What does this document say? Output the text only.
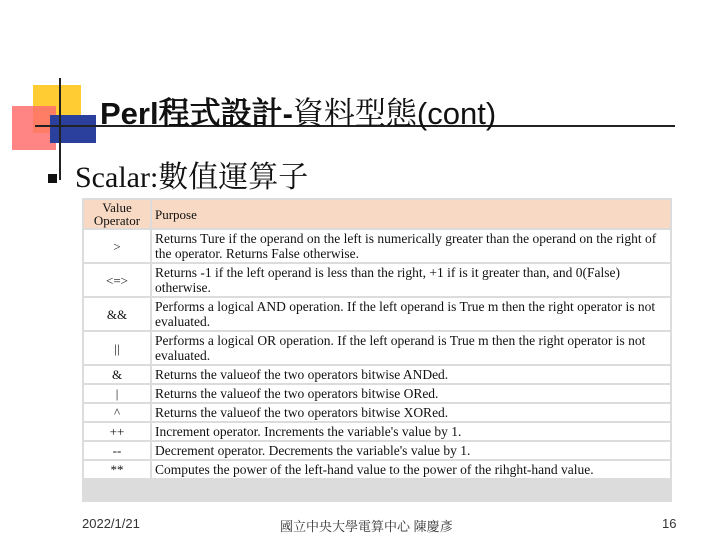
Perl程式設計-資料型態(cont)
Scalar:數值運算子
Value Operator	Purpose
>	Returns Ture if the operand on the left is numerically greater than the operand on the right of the operator. Returns False otherwise.
<=>	Returns -1 if the left operand is less than the right, +1 if is it greater than, and 0(False) otherwise.
&&	Performs a logical AND operation. If the left operand is True m then the right operator is not evaluated.
||	Performs a logical OR operation. If the left operand is True m then the right operator is not evaluated.
&	Returns the valueof the two operators bitwise ANDed.
|	Returns the valueof the two operators bitwise ORed.
^	Returns the valueof the two operators bitwise XORed.
++	Increment operator. Increments the variable's value by 1.
--	Decrement operator. Decrements the variable's value by 1.
**	Computes the power of the left-hand value to the power of the rihght-hand value.
2022/1/21	國立中央大學電算中心 陳慶彥	16
